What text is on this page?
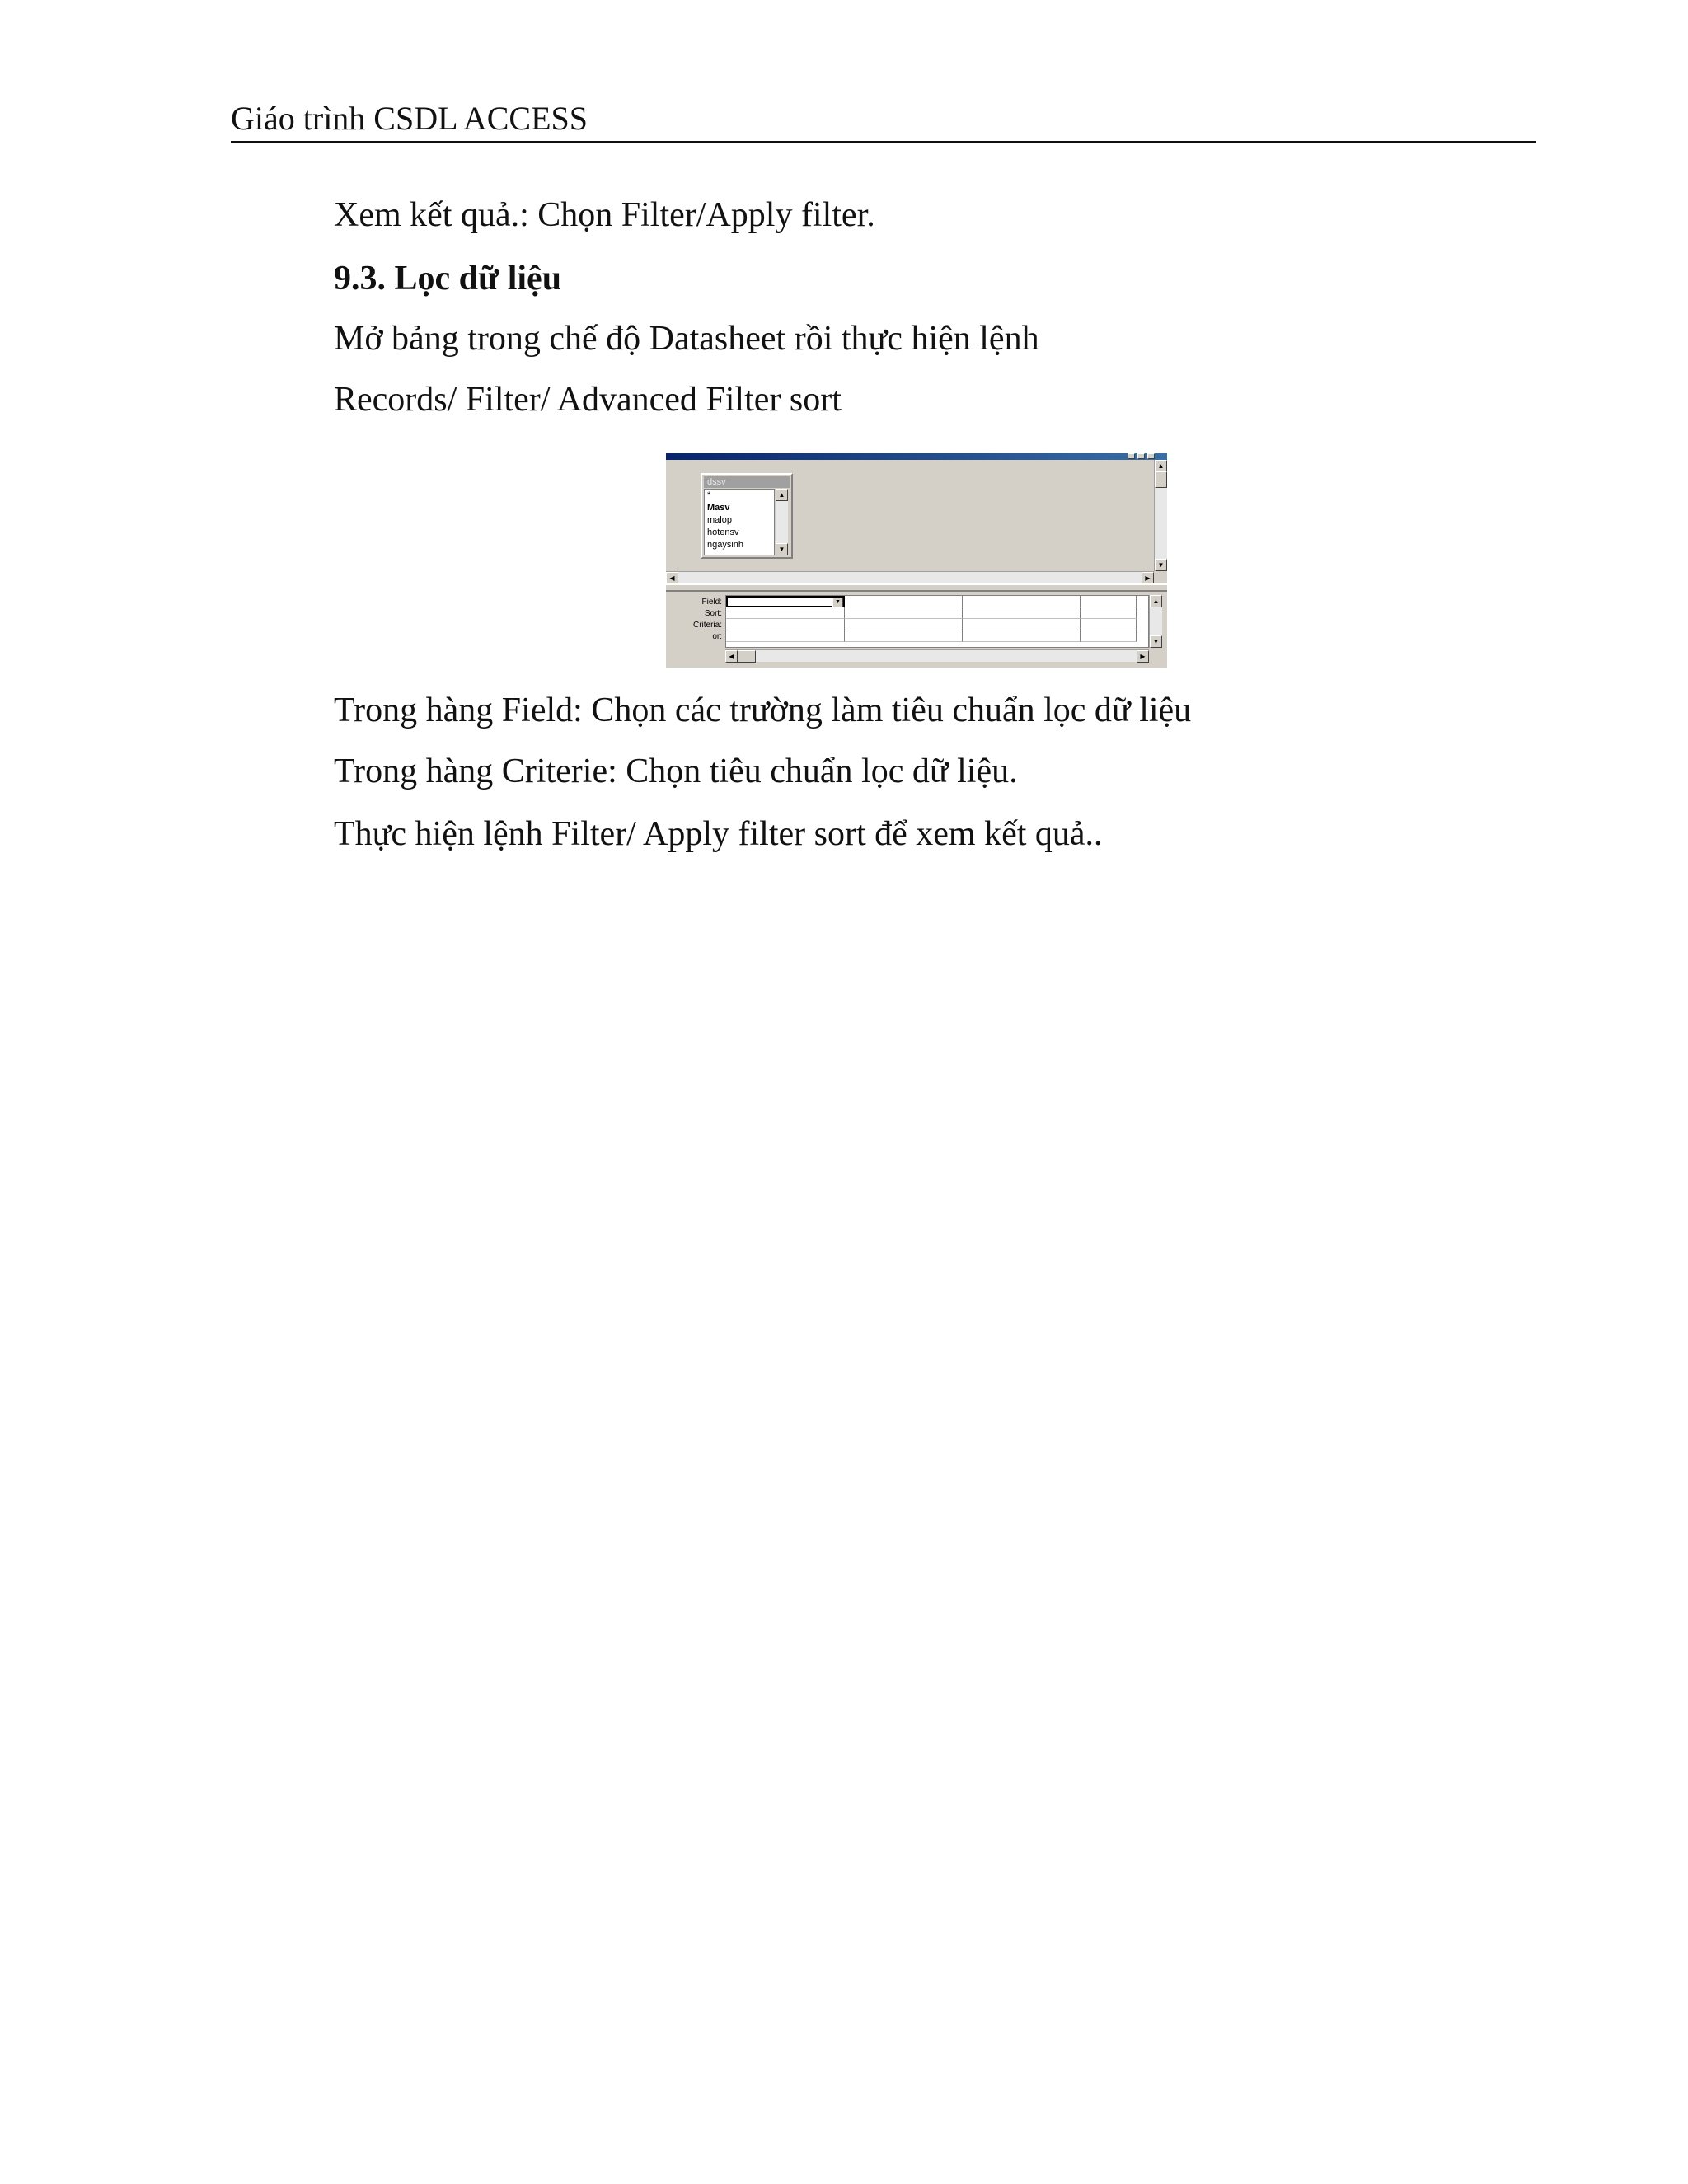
Giáo trình CSDL ACCESS
Xem kết quả.: Chọn Filter/Apply filter.
9.3. Lọc dữ liệu
Mở bảng trong chế độ Datasheet rồi thực hiện lệnh
Records/ Filter/ Advanced Filter sort
dssv
*
Masv
malop
hotensv
ngaysinh
▲
▼
▲
▼
◀	▶
Field:
Sort:
Criteria:
or:
▼	▲
▼
◀	▶
Trong hàng Field: Chọn các trường làm tiêu chuẩn lọc dữ liệu
Trong hàng Criterie: Chọn tiêu chuẩn lọc dữ liệu.
Thực hiện lệnh Filter/ Apply filter sort để xem kết quả..
